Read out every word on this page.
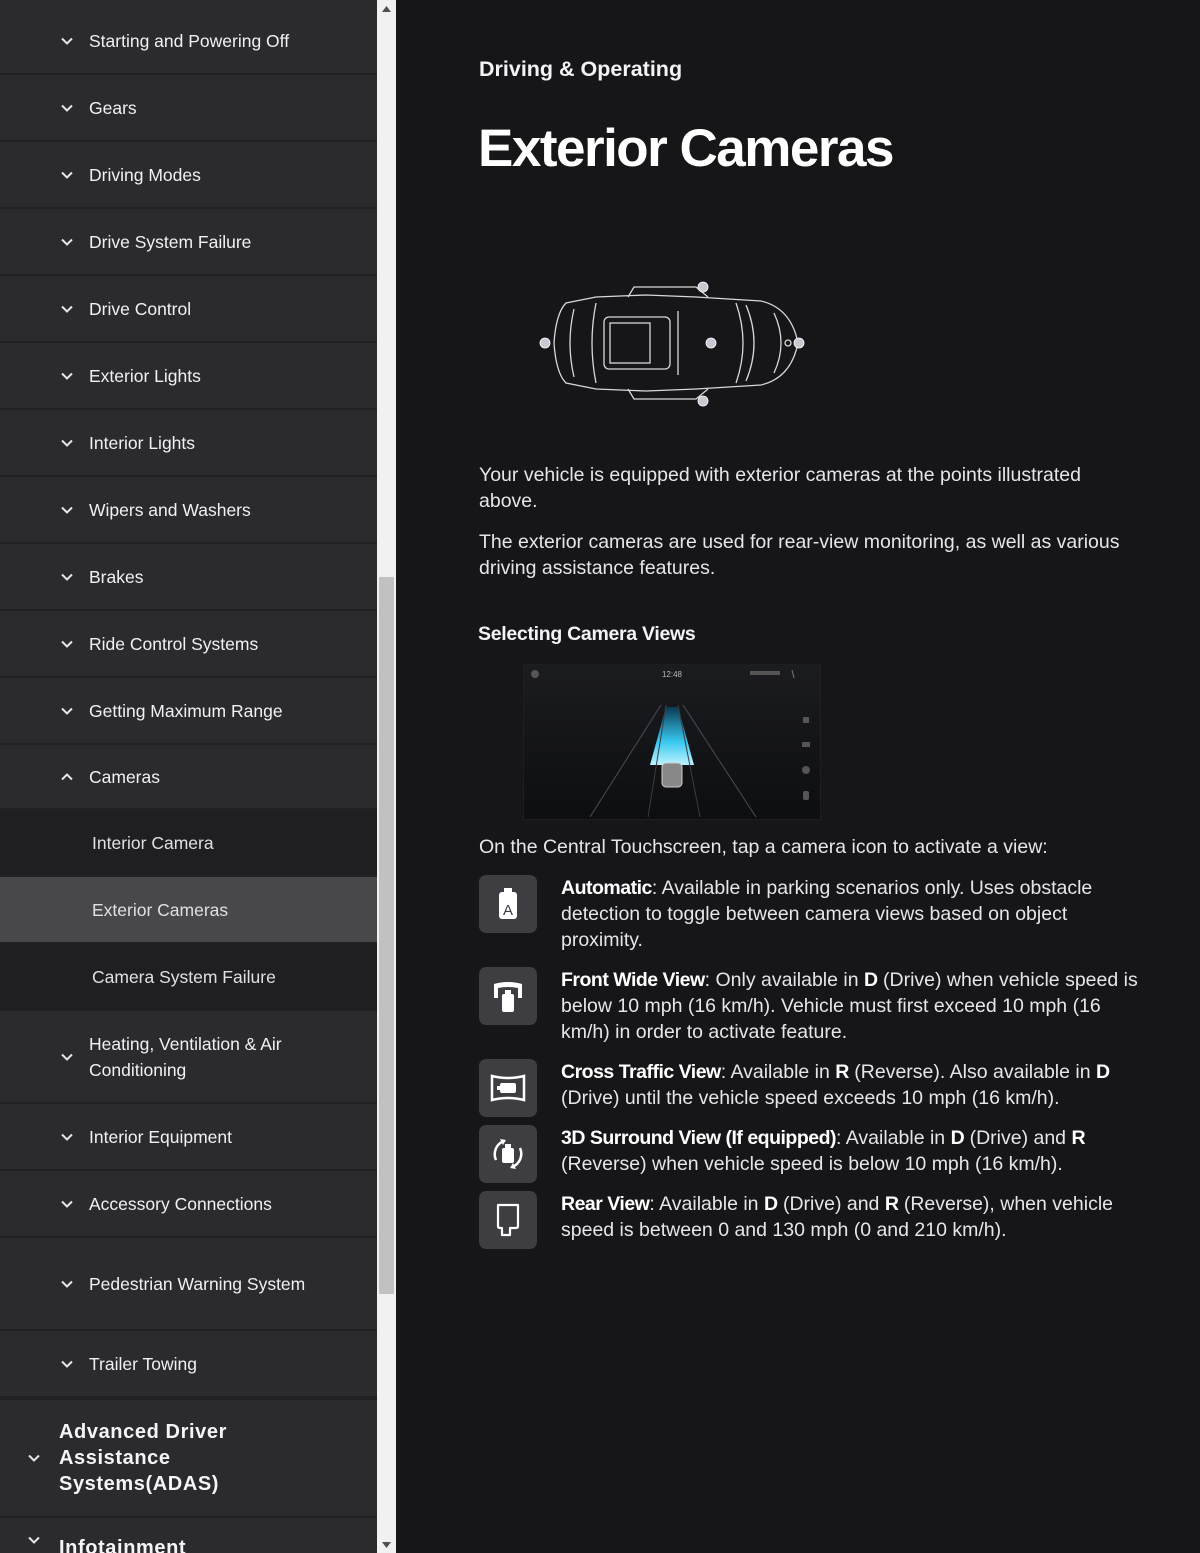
Starting and Powering Off
Gears
Driving Modes
Drive System Failure
Drive Control
Exterior Lights
Interior Lights
Wipers and Washers
Brakes
Ride Control Systems
Getting Maximum Range
Cameras
Interior Camera
Exterior Cameras
Camera System Failure
Heating, Ventilation & Air Conditioning
Interior Equipment
Accessory Connections
Pedestrian Warning System
Trailer Towing
Advanced Driver Assistance Systems(ADAS)
Infotainment
Driving & Operating
Exterior Cameras

Your vehicle is equipped with exterior cameras at the points illustrated above.

The exterior cameras are used for rear-view monitoring, as well as various driving assistance features.

Selecting Camera Views
12:48

On the Central Touchscreen, tap a camera icon to activate a view:

A
Automatic: Available in parking scenarios only. Uses obstacle detection to toggle between camera views based on object proximity.
Front Wide View: Only available in D (Drive) when vehicle speed is below 10 mph (16 km/h). Vehicle must first exceed 10 mph (16 km/h) in order to activate feature.
Cross Traffic View: Available in R (Reverse). Also available in D (Drive) until the vehicle speed exceeds 10 mph (16 km/h).
3D Surround View (If equipped): Available in D (Drive) and R (Reverse) when vehicle speed is below 10 mph (16 km/h).
Rear View: Available in D (Drive) and R (Reverse), when vehicle speed is between 0 and 130 mph (0 and 210 km/h).
